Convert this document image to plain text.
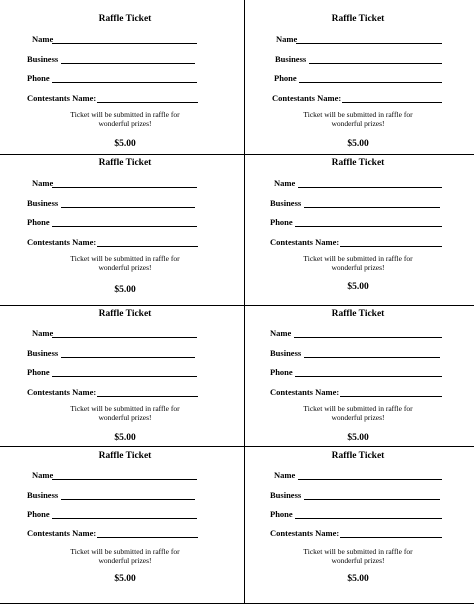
Raffle Ticket
Name
Business
Phone
Contestants Name:
Ticket will be submitted in raffle for
wonderful prizes!
$5.00
Raffle Ticket
Name
Business
Phone
Contestants Name:
Ticket will be submitted in raffle for
wonderful prizes!
$5.00
Raffle Ticket
Name
Business
Phone
Contestants Name:
Ticket will be submitted in raffle for
wonderful prizes!
$5.00
Raffle Ticket
Name
Business
Phone
Contestants Name:
Ticket will be submitted in raffle for
wonderful prizes!
$5.00
Raffle Ticket
Name
Business
Phone
Contestants Name:
Ticket will be submitted in raffle for
wonderful prizes!
$5.00
Raffle Ticket
Name
Business
Phone
Contestants Name:
Ticket will be submitted in raffle for
wonderful prizes!
$5.00
Raffle Ticket
Name
Business
Phone
Contestants Name:
Ticket will be submitted in raffle for
wonderful prizes!
$5.00
Raffle Ticket
Name
Business
Phone
Contestants Name:
Ticket will be submitted in raffle for
wonderful prizes!
$5.00
